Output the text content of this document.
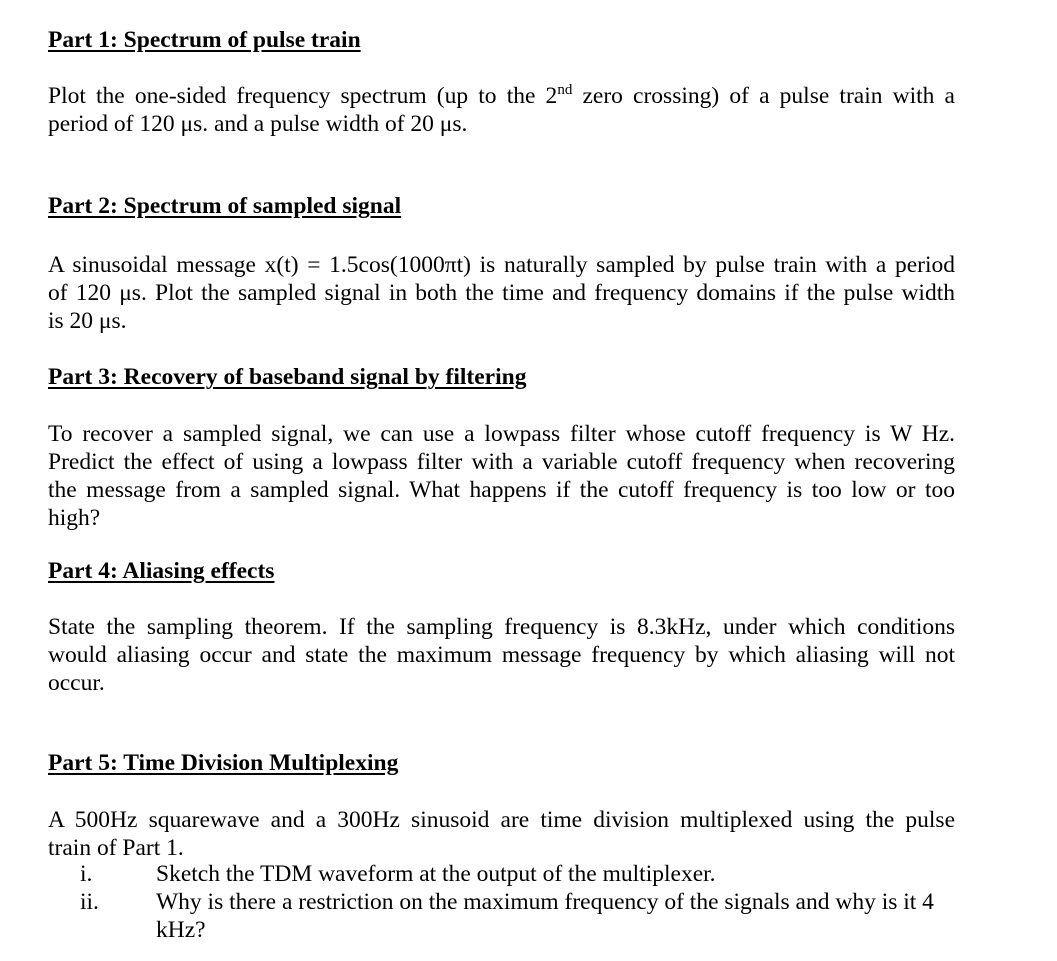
Part 1: Spectrum of pulse train
Plot the one-sided frequency spectrum (up to the 2nd zero crossing) of a pulse train with a
period of 120 μs. and a pulse width of 20 μs.
Part 2: Spectrum of sampled signal
A sinusoidal message x(t) = 1.5cos(1000πt) is naturally sampled by pulse train with a period
of 120 μs. Plot the sampled signal in both the time and frequency domains if the pulse width
is 20 μs.
Part 3: Recovery of baseband signal by filtering
To recover a sampled signal, we can use a lowpass filter whose cutoff frequency is W Hz.
Predict the effect of using a lowpass filter with a variable cutoff frequency when recovering
the message from a sampled signal. What happens if the cutoff frequency is too low or too
high?
Part 4: Aliasing effects
State the sampling theorem. If the sampling frequency is 8.3kHz, under which conditions
would aliasing occur and state the maximum message frequency by which aliasing will not
occur.
Part 5: Time Division Multiplexing
A 500Hz squarewave and a 300Hz sinusoid are time division multiplexed using the pulse
train of Part 1.
i.	Sketch the TDM waveform at the output of the multiplexer.
ii. Why is there a restriction on the maximum frequency of the signals and why is it 4
kHz?
